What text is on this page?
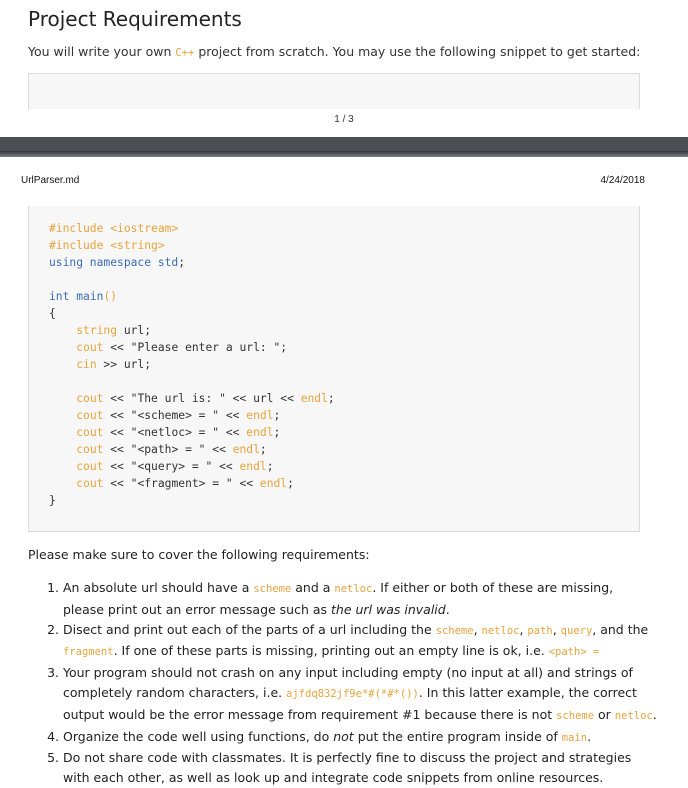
Project Requirements
You will write your own C++ project from scratch. You may use the following snippet to get started:
1 / 3
UrlParser.md	4/24/2018
#include <iostream>
#include <string>
using namespace std;

int main()
{
string url;
cout << "Please enter a url: ";
cin >> url;

cout << "The url is: " << url << endl;
cout << "<scheme> = " << endl;
cout << "<netloc> = " << endl;
cout << "<path> = " << endl;
cout << "<query> = " << endl;
cout << "<fragment> = " << endl;
}
Please make sure to cover the following requirements:
1. An absolute url should have a scheme and a netloc. If either or both of these are missing, please print out an error message such as the url was invalid.
2. Disect and print out each of the parts of a url including the scheme, netloc, path, query, and the fragment. If one of these parts is missing, printing out an empty line is ok, i.e. <path> =
3. Your program should not crash on any input including empty (no input at all) and strings of completely random characters, i.e. ajfdq832jf9e*#(*#*()). In this latter example, the correct output would be the error message from requirement #1 because there is not scheme or netloc.
4. Organize the code well using functions, do not put the entire program inside of main.
5. Do not share code with classmates. It is perfectly fine to discuss the project and strategies with each other, as well as look up and integrate code snippets from online resources.
